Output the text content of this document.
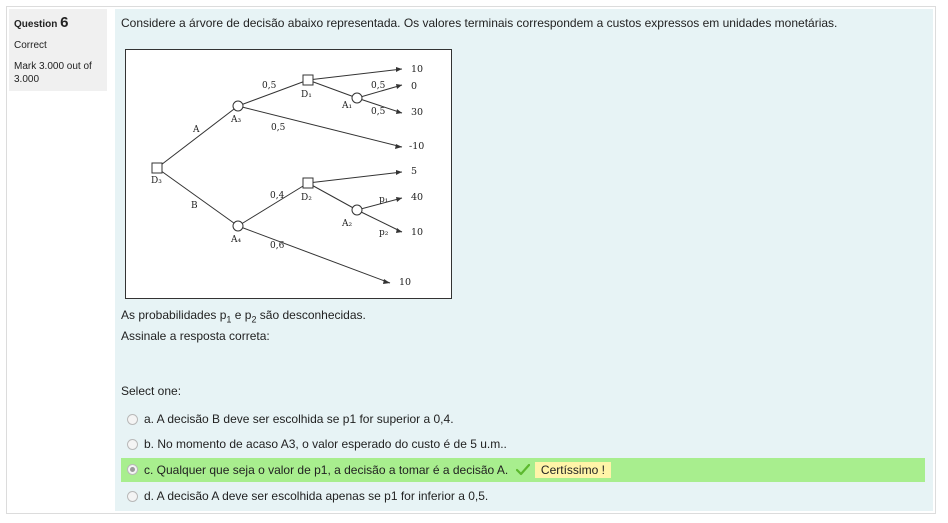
Question 6
Correct
Mark 3.000 out of 3.000
Considere a árvore de decisão abaixo representada. Os valores terminais correspondem a custos expressos em unidades monetárias.
D₃
A₃
A₄
D₁
D₂
A₁
A₂
A
B
0,5
0,5
0,5
0,5
0,4
0,6
p₁
p₂
10
0
30
-10
5
40
10
10
As probabilidades $p_1$ e $p_2$ são desconhecidas.
Assinale a resposta correta:
Select one:
a. A decisão B deve ser escolhida se p1 for superior a 0,4.
b. No momento de acaso A3, o valor esperado do custo é de 5 u.m..
c. Qualquer que seja o valor de p1, a decisão a tomar é a decisão A.	Certíssimo !
d. A decisão A deve ser escolhida apenas se p1 for inferior a 0,5.
